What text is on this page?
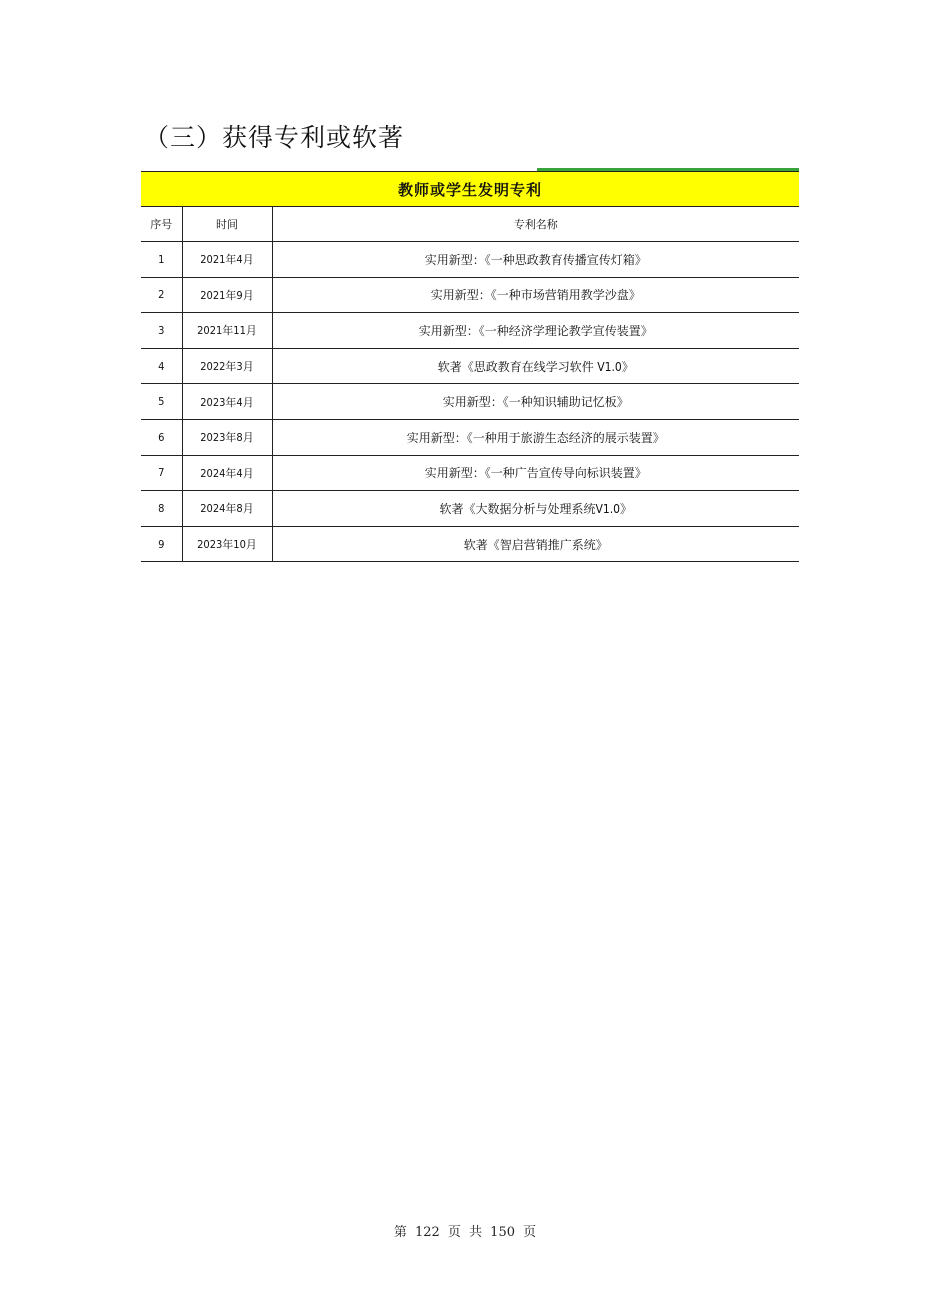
（三）获得专利或软著
教师或学生发明专利		
序号	时间	专利名称
1	2021年4月	实用新型：《一种思政教育传播宣传灯箱》
2	2021年9月	实用新型：《一种市场营销用教学沙盘》
3	2021年11月	实用新型：《一种经济学理论教学宣传装置》
4	2022年3月	软著《思政教育在线学习软件 V1.0》
5	2023年4月	实用新型：《一种知识辅助记忆板》
6	2023年8月	实用新型：《一种用于旅游生态经济的展示装置》
7	2024年4月	实用新型：《一种广告宣传导向标识装置》
8	2024年8月	软著《大数据分析与处理系统V1.0》
9	2023年10月	软著《智启营销推广系统》
第 122 页 共 150 页
